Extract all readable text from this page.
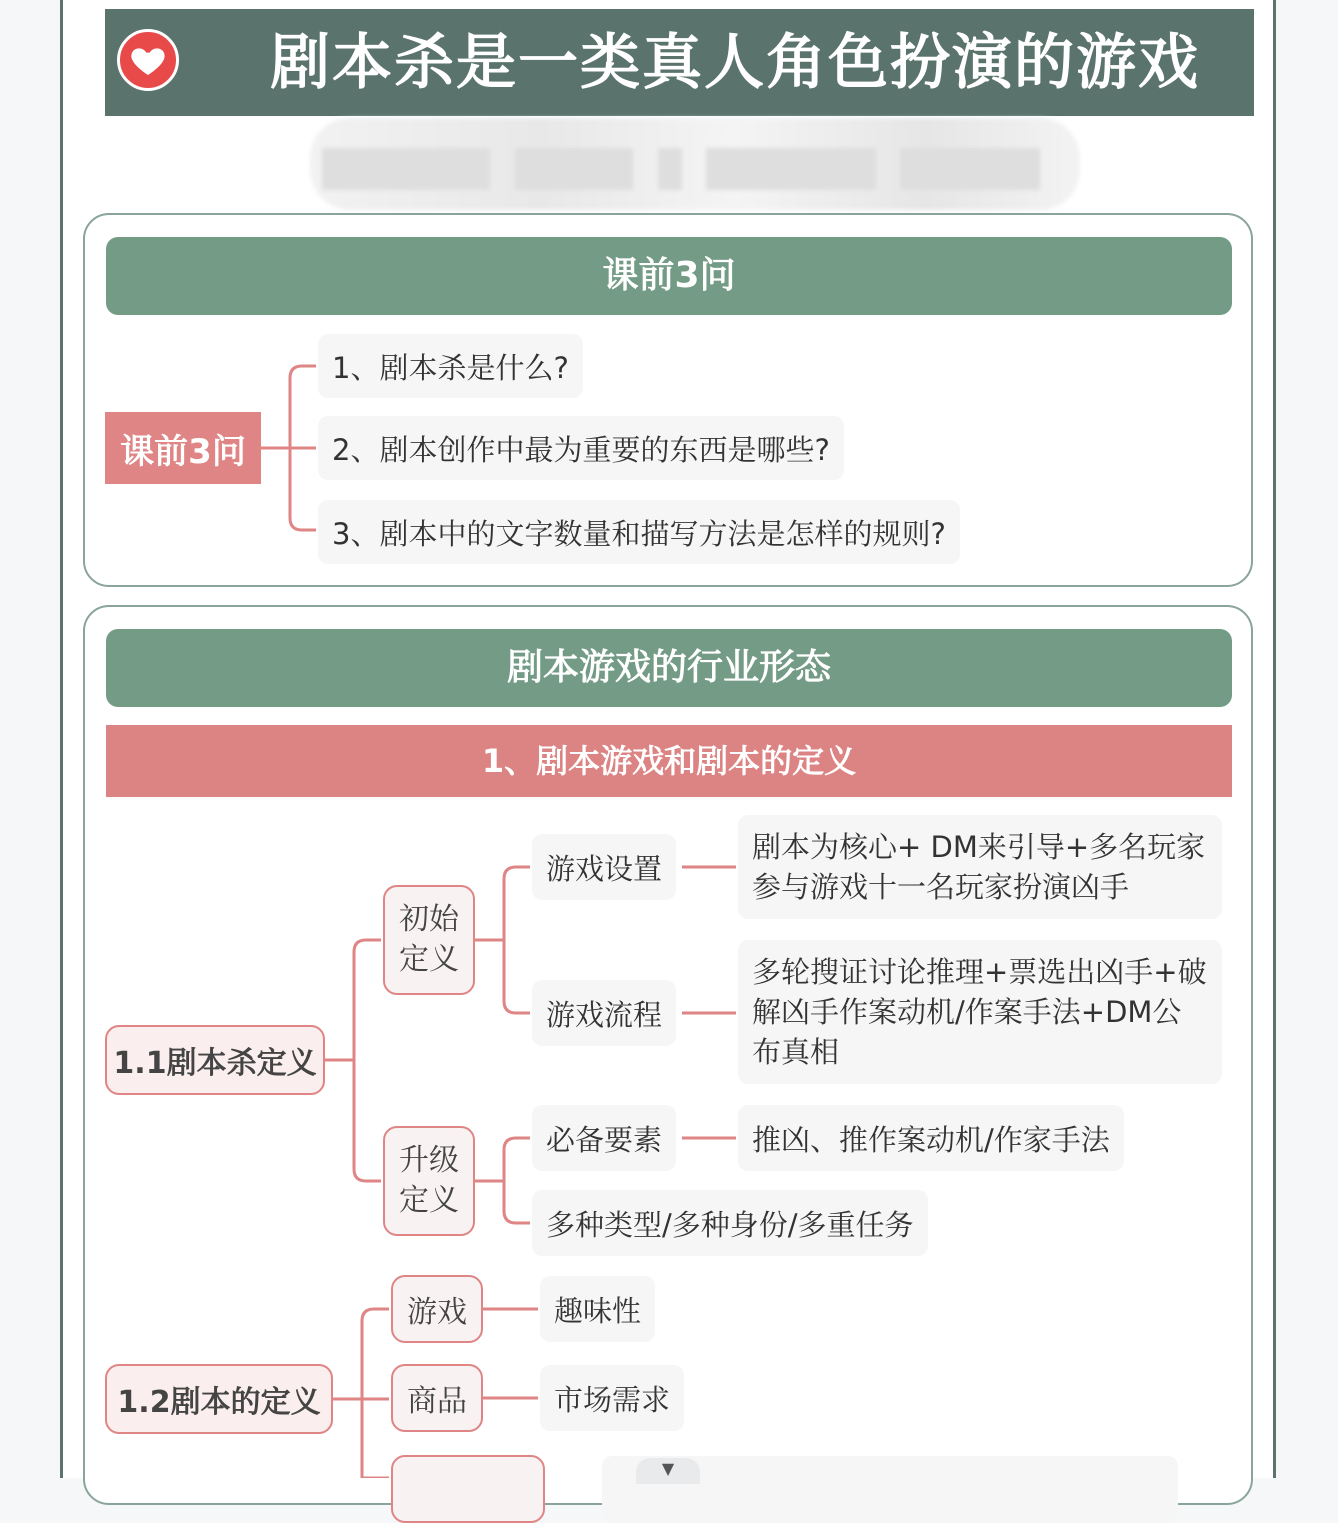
剧本杀是一类真人角色扮演的游戏
课前3问
课前3问
1、剧本杀是什么?
2、剧本创作中最为重要的东西是哪些?
3、剧本中的文字数量和描写方法是怎样的规则?
剧本游戏的行业形态
1、剧本游戏和剧本的定义
1.1剧本杀定义
初始定义
升级定义
游戏设置
剧本为核心+ DM来引导+多名玩家参与游戏十一名玩家扮演凶手
游戏流程
多轮搜证讨论推理+票选出凶手+破解凶手作案动机/作案手法+DM公布真相
必备要素	推凶、推作案动机/作家手法
多种类型/多种身份/多重任务
1.2剧本的定义
游戏	趣味性
商品	市场需求
▼
